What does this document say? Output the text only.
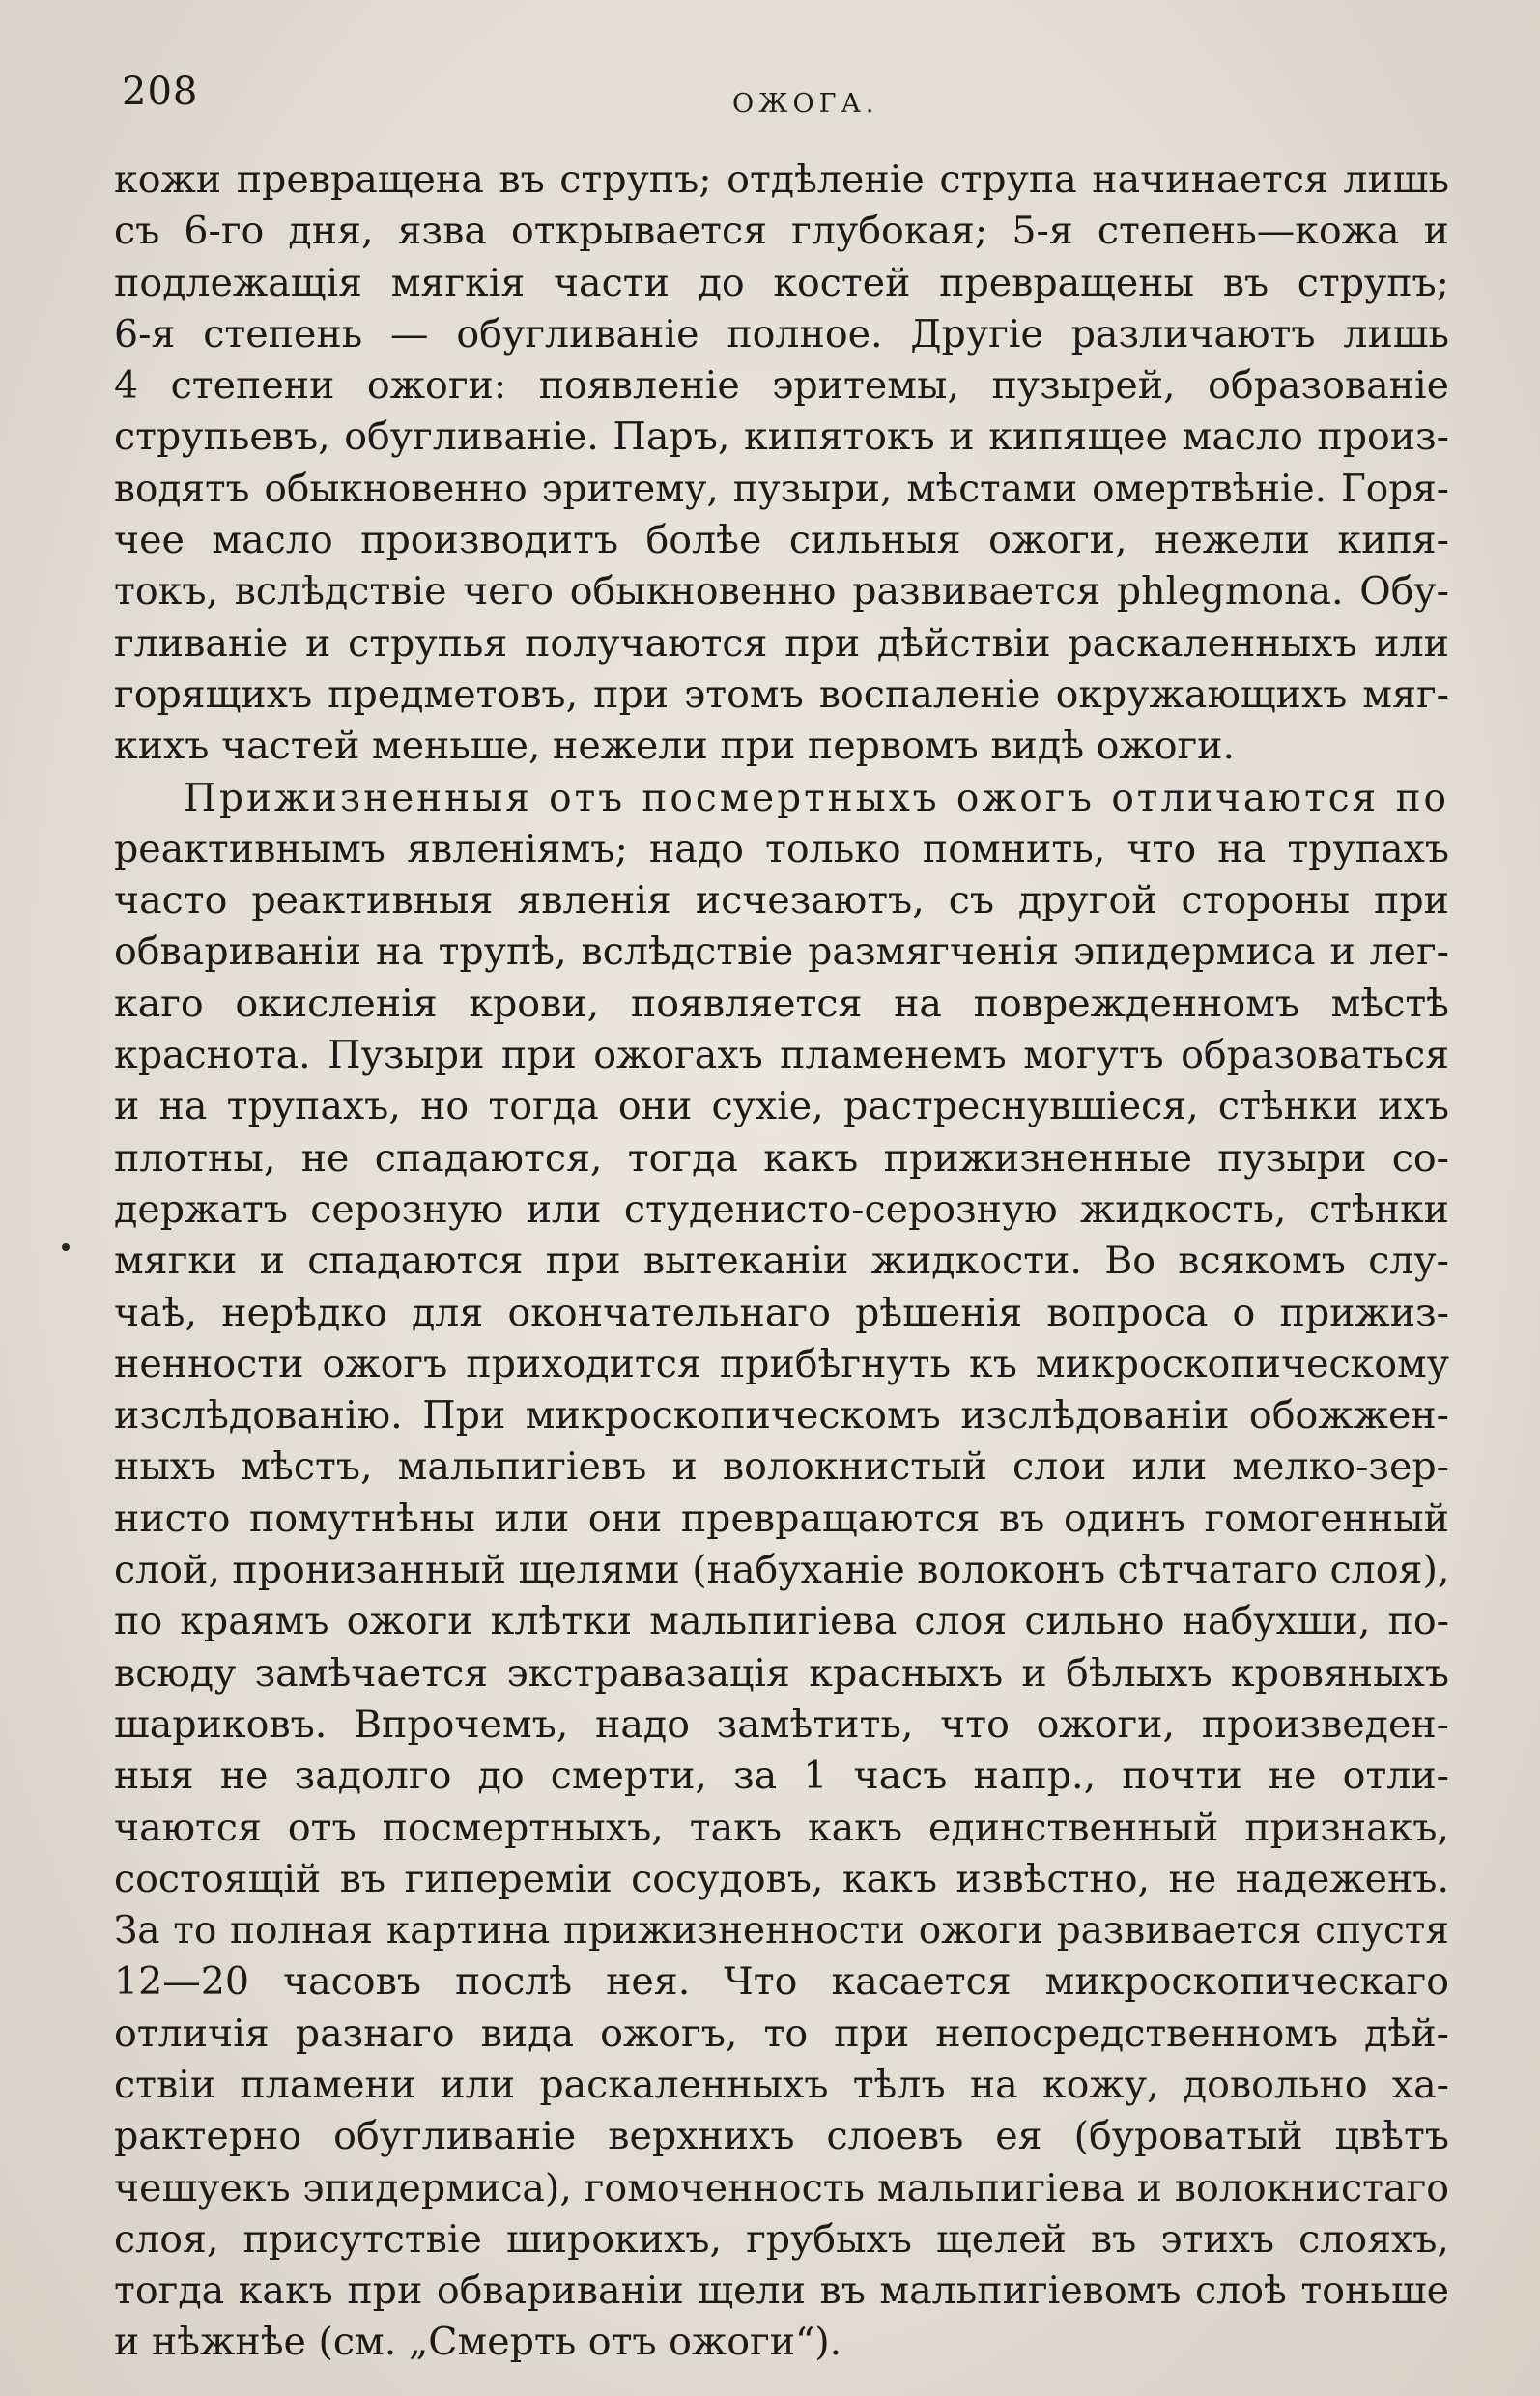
208	ОЖОГА.
кожи превращена въ струпъ; отдѣленіе струпа начинается лишь
съ 6-го дня, язва открывается глубокая; 5-я степень—кожа и
подлежащія мягкія части до костей превращены въ струпъ;
6-я степень — обугливаніе полное. Другіе различаютъ лишь
4 степени ожоги: появленіе эритемы, пузырей, образованіе
струпьевъ, обугливаніе. Паръ, кипятокъ и кипящее масло произ-
водятъ обыкновенно эритему, пузыри, мѣстами омертвѣніе. Горя-
чее масло производитъ болѣе сильныя ожоги, нежели кипя-
токъ, вслѣдствіе чего обыкновенно развивается phlegmona. Обу-
гливаніе и струпья получаются при дѣйствіи раскаленныхъ или
горящихъ предметовъ, при этомъ воспаленіе окружающихъ мяг-
кихъ частей меньше, нежели при первомъ видѣ ожоги.
Прижизненныя отъ посмертныхъ ожогъ отличаются по
реактивнымъ явленіямъ; надо только помнить, что на трупахъ
часто реактивныя явленія исчезаютъ, съ другой стороны при
обвариваніи на трупѣ, вслѣдствіе размягченія эпидермиса и лег-
каго окисленія крови, появляется на поврежденномъ мѣстѣ
краснота. Пузыри при ожогахъ пламенемъ могутъ образоваться
и на трупахъ, но тогда они сухіе, растреснувшіеся, стѣнки ихъ
плотны, не спадаются, тогда какъ прижизненные пузыри со-
держатъ серозную или студенисто-серозную жидкость, стѣнки
мягки и спадаются при вытеканіи жидкости. Во всякомъ слу-
чаѣ, нерѣдко для окончательнаго рѣшенія вопроса о прижиз-
ненности ожогъ приходится прибѣгнуть къ микроскопическому
изслѣдованію. При микроскопическомъ изслѣдованіи обожжен-
ныхъ мѣстъ, мальпигіевъ и волокнистый слои или мелко-зер-
нисто помутнѣны или они превращаются въ одинъ гомогенный
слой, пронизанный щелями (набуханіе волоконъ сѣтчатаго слоя),
по краямъ ожоги клѣтки мальпигіева слоя сильно набухши, по-
всюду замѣчается экстравазація красныхъ и бѣлыхъ кровяныхъ
шариковъ. Впрочемъ, надо замѣтить, что ожоги, произведен-
ныя не задолго до смерти, за 1 часъ напр., почти не отли-
чаются отъ посмертныхъ, такъ какъ единственный признакъ,
состоящій въ гипереміи сосудовъ, какъ извѣстно, не надеженъ.
За то полная картина прижизненности ожоги развивается спустя
12—20 часовъ послѣ нея. Что касается микроскопическаго
отличія разнаго вида ожогъ, то при непосредственномъ дѣй-
ствіи пламени или раскаленныхъ тѣлъ на кожу, довольно ха-
рактерно обугливаніе верхнихъ слоевъ ея (буроватый цвѣтъ
чешуекъ эпидермиса), гомоченность мальпигіева и волокнистаго
слоя, присутствіе широкихъ, грубыхъ щелей въ этихъ слояхъ,
тогда какъ при обвариваніи щели въ мальпигіевомъ слоѣ тоньше
и нѣжнѣе (см. „Смерть отъ ожоги“).
